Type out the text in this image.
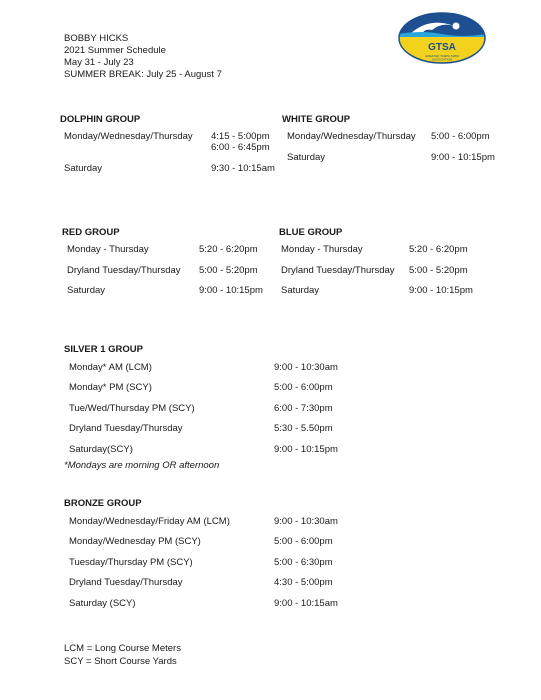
BOBBY HICKS
2021 Summer Schedule
May 31 - July 23
SUMMER BREAK: July 25 - August 7
GTSA
GREATER TAMPA SWIM
ASSOCIATION
DOLPHIN GROUP
Monday/Wednesday/Thursday 4:15 - 5:00pm
6:00 - 6:45pm
Saturday	9:30 - 10:15am
WHITE GROUP
Monday/Wednesday/Thursday 5:00 - 6:00pm
Saturday	9:00 - 10:15pm
RED GROUP
Monday - Thursday	5:20 - 6:20pm
Dryland Tuesday/Thursday 5:00 - 5:20pm
Saturday	9:00 - 10:15pm
BLUE GROUP
Monday - Thursday	5:20 - 6:20pm
Dryland Tuesday/Thursday 5:00 - 5:20pm
Saturday	9:00 - 10:15pm
SILVER 1 GROUP
Monday* AM (LCM)	9:00 - 10:30am
Monday* PM (SCY)	5:00 - 6:00pm
Tue/Wed/Thursday PM (SCY)	6:00 - 7:30pm
Dryland Tuesday/Thursday	5:30 - 5.50pm
Saturday(SCY)	9:00 - 10:15pm
*Mondays are morning OR afternoon
BRONZE GROUP
Monday/Wednesday/Friday AM (LCM)	9:00 - 10:30am
Monday/Wednesday PM (SCY)	5:00 - 6:00pm
Tuesday/Thursday PM (SCY)	5:00 - 6:30pm
Dryland Tuesday/Thursday	4:30 - 5:00pm
Saturday (SCY)	9:00 - 10:15am
LCM = Long Course Meters
SCY = Short Course Yards
